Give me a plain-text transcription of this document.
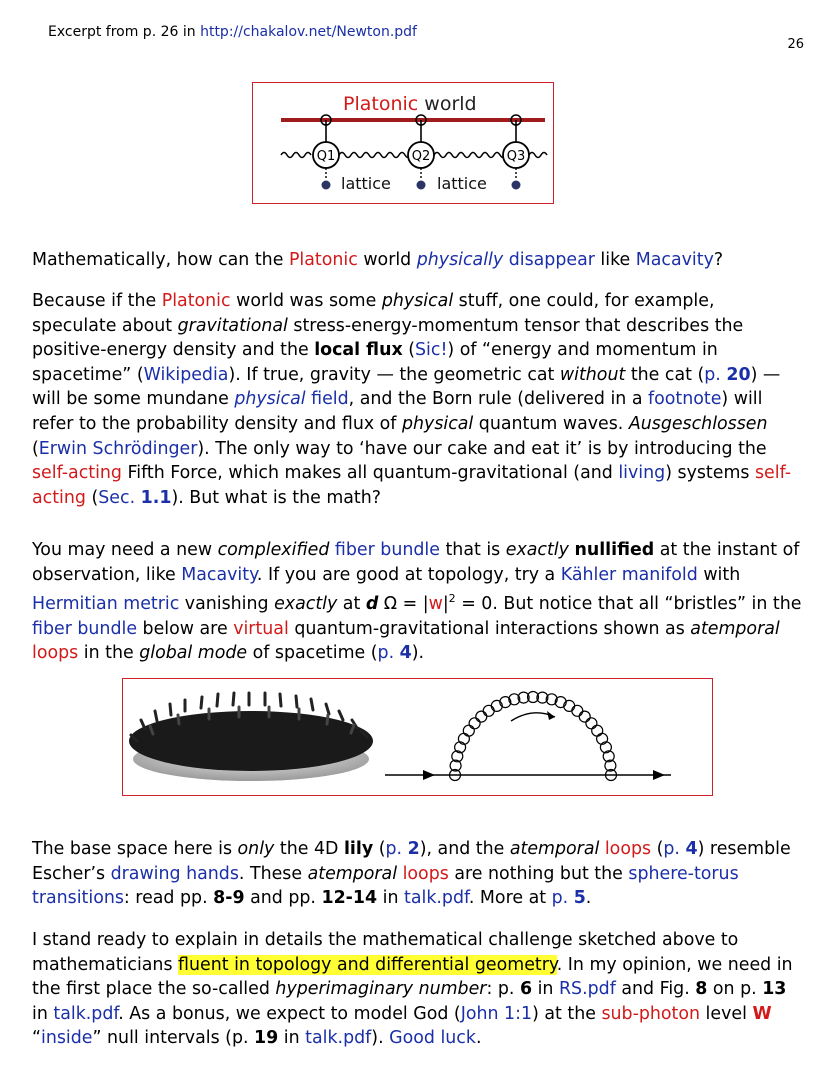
Excerpt from p. 26 in http://chakalov.net/Newton.pdf
26
Platonic world
Q1	Q2	Q3
lattice	lattice

Mathematically, how can the Platonic world physically disappear like Macavity?

Because if the Platonic world was some physical stuff, one could, for example, speculate about gravitational stress-energy-momentum tensor that describes the positive-energy density and the local flux (Sic!) of “energy and momentum in spacetime” (Wikipedia). If true, gravity — the geometric cat without the cat (p. 20) — will be some mundane physical field, and the Born rule (delivered in a footnote) will refer to the probability density and flux of physical quantum waves. Ausgeschlossen (Erwin Schrödinger). The only way to ‘have our cake and eat it’ is by introducing the self-acting Fifth Force, which makes all quantum-gravitational (and living) systems self-acting (Sec. 1.1). But what is the math?

You may need a new complexified fiber bundle that is exactly nullified at the instant of observation, like Macavity. If you are good at topology, try a Kähler manifold with Hermitian metric vanishing exactly at d $\Omega = |w|^2 = 0$. But notice that all “bristles” in the fiber bundle below are virtual quantum-gravitational interactions shown as atemporal loops in the global mode of spacetime (p. 4).

The base space here is only the 4D lily (p. 2), and the atemporal loops (p. 4) resemble Escher’s drawing hands. These atemporal loops are nothing but the sphere-torus transitions: read pp. 8-9 and pp. 12-14 in talk.pdf. More at p. 5.

I stand ready to explain in details the mathematical challenge sketched above to mathematicians fluent in topology and differential geometry. In my opinion, we need in the first place the so-called hyperimaginary number: p. 6 in RS.pdf and Fig. 8 on p. 13 in talk.pdf. As a bonus, we expect to model God (John 1:1) at the sub-photon level W “inside” null intervals (p. 19 in talk.pdf). Good luck.
